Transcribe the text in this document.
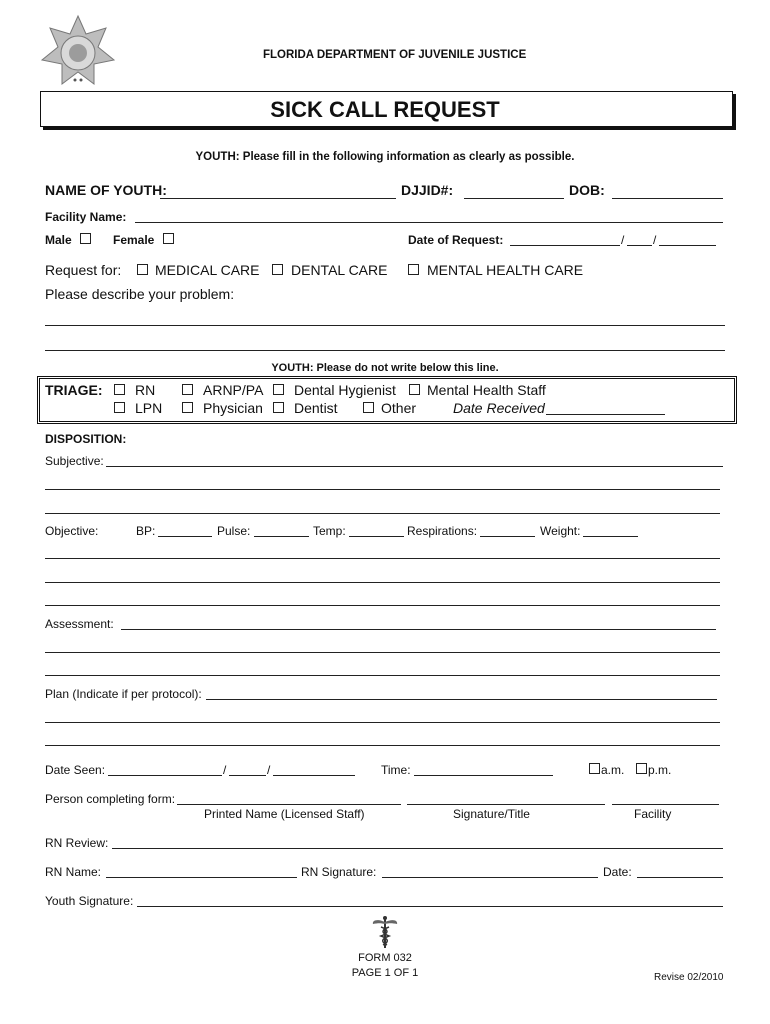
FLORIDA DEPARTMENT OF JUVENILE JUSTICE
SICK CALL REQUEST
YOUTH: Please fill in the following information as clearly as possible.
NAME OF YOUTH:	DJJID#:	DOB:
Facility Name:
Male	Female	Date of Request:	/ /
Request for: MEDICAL CARE DENTAL CARE	MENTAL HEALTH CARE
Please describe your problem:
YOUTH: Please do not write below this line.
TRIAGE: RN	ARNP/PA Dental Hygienist Mental Health Staff
LPN	Physician Dentist	Other	Date Received
DISPOSITION:
Subjective:
Objective:	BP:	Pulse:	Temp:	Respirations:	Weight:
Assessment:
Plan (Indicate if per protocol):
Date Seen:	/	/	Time:	a.m. p.m.
Person completing form:
Printed Name (Licensed Staff)	Signature/Title	Facility
RN Review:
RN Name:	RN Signature:	Date:
Youth Signature:
FORM 032
PAGE 1 OF 1	Revise 02/2010
